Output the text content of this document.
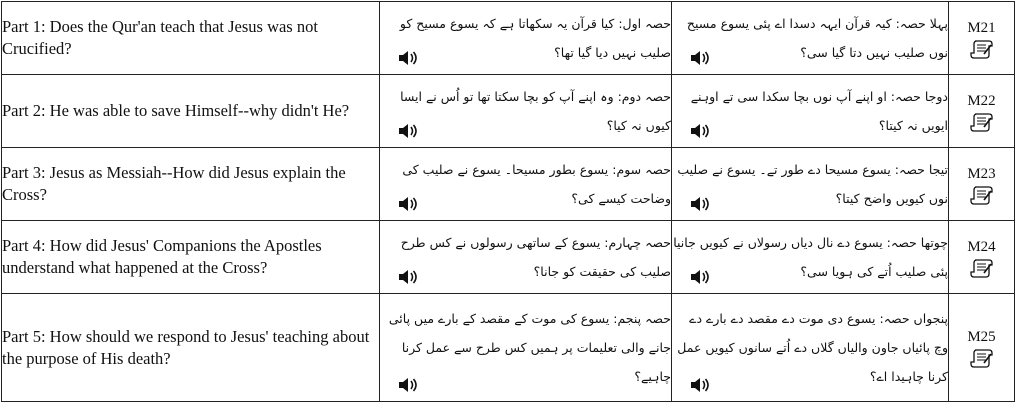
Part 1: Does the Qur'an teach that Jesus was not Crucified?	حصہ اول: کیا قرآن یہ سکھاتا ہے کہ یسوع مسیح کو صلیب نہیں دیا گیا تھا؟	پہلا حصہ: کیہ قرآن ایہہ دسدا اے پئی یسوع مسیح نوں صلیب نہیں دتا گیا سی؟	M21

Part 2: He was able to save Himself--why didn't He?	حصہ دوم: وہ اپنے آپ کو بچا سکتا تھا تو اُس نے ایسا کیوں نہ کیا؟	دوجا حصہ: او اپنے آپ نوں بچا سکدا سی تے اوہنے ایویں نہ کیتا؟	M22

Part 3: Jesus as Messiah--How did Jesus explain the Cross?	حصہ سوم: یسوع بطور مسیحا۔ یسوع نے صلیب کی وضاحت کیسے کی؟	تیجا حصہ: یسوع مسیحا دے طور تے۔ یسوع نے صلیب نوں کیویں واضح کیتا؟	M23

Part 4: How did Jesus' Companions the Apostles understand what happened at the Cross?	حصہ چہارم: یسوع کے ساتھی رسولوں نے کس طرح صلیب کی حقیقت کو جانا؟	چوتھا حصہ: یسوع دے نال دیاں رسولاں نے کیویں جانیا پئی صلیب اُتے کی ہویا سی؟	M24

Part 5: How should we respond to Jesus' teaching about the purpose of His death?	حصہ پنجم: یسوع کی موت کے مقصد کے بارے میں پائی جانے والی تعلیمات پر ہمیں کس طرح سے عمل کرنا چاہیے؟	پنجواں حصہ: یسوع دی موت دے مقصد دے بارے دے وچ پائیاں جاون والیاں گلاں دے اُتے سانوں کیویں عمل کرنا چاہیدا اے؟	M25
